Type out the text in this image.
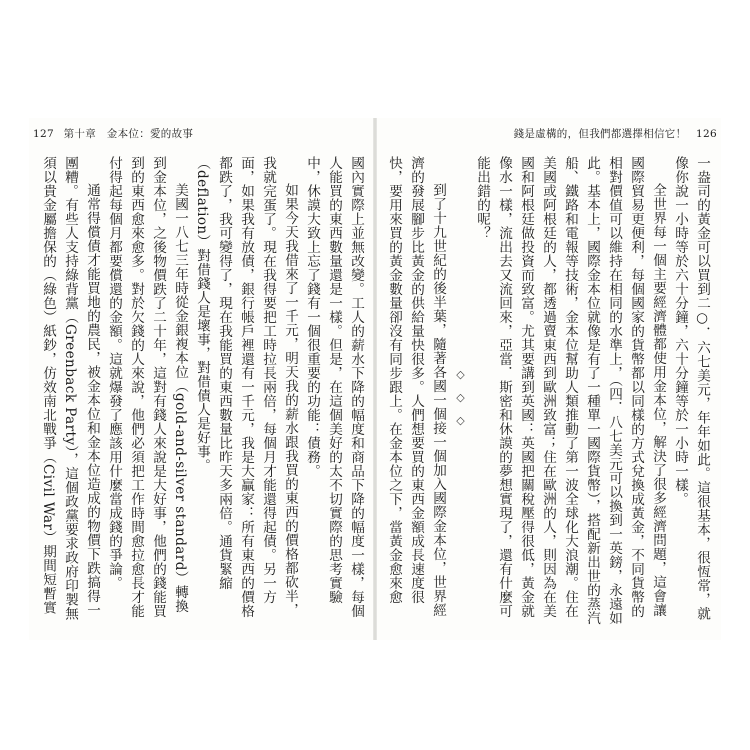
127 第十章　金本位：愛的故事

國內實際上並無改變。工人的薪水下降的幅度和商品下降的幅度一樣，每個人能買的東西數量還是一樣。但是，在這個美好的太不切實際的思考實驗中，休謨大致上忘了錢有一個很重要的功能：債務。

如果今天我借來了一千元，明天我的薪水跟我買的東西的價格都砍半，我就完蛋了。現在我得要把工時拉長兩倍，每個月才能還得起債。另一方面，如果我有放債，銀行帳戶裡還有一千元，我是大贏家：所有東西的價格都跌了，我可變得了，現在我能買的東西數量比昨天多兩倍。通貨緊縮（deflation）對借錢人是壞事，對借債人是好事。

美國一八七三年時從金銀複本位（gold-and-silver standard）轉換到金本位，之後物價跌了二十年，這對有錢人來說是大好事，他們的錢能買到的東西愈來愈多。對於欠錢的人來說，他們必須把工作時間愈拉愈長才能付得起每個月都要償還的金額。這就爆發了應該用什麼當成錢的爭論。

通常得償債才能買地的農民，被金本位和金本位造成的物價下跌搞得一團糟。有些人支持綠背黨（Greenback Party），這個政黨要求政府印製無須以貴金屬擔保的（綠色）紙鈔，仿效南北戰爭（Civil War）期間短暫實

錢是虛構的，但我們都選擇相信它！ 126

一盎司的黃金可以買到二○．六七美元，年年如此。這很基本，很恆常，就像你說一小時等於六十分鐘，六十分鐘等於一小時一樣。

全世界每一個主要經濟體都使用金本位，解決了很多經濟問題，這會讓國際貿易更便利，每個國家的貨幣都以同樣的方式兌換成黃金，不同貨幣的相對價值可以維持在相同的水準上，（四．八七美元可以換到一英鎊，永遠如此。基本上，國際金本位就像是有了一種單一國際貨幣），搭配新出世的蒸汽船、鐵路和電報等技術，金本位幫助人類推動了第一波全球化大浪潮。住在美國或阿根廷的人，都透過賣東西到歐洲致富；住在歐洲的人，則因為在美國和阿根廷做投資而致富。尤其要講到英國：英國把關稅壓得很低，黃金就像水一樣，流出去又流回來，亞當．斯密和休謨的夢想實現了，還有什麼可能出錯的呢？

◇◇◇

到了十九世紀的後半葉，隨著各國一個接一個加入國際金本位，世界經濟的發展腳步比黃金的供給量快很多。人們想要買的東西金額成長速度很快，要用來買的黃金數量卻沒有同步跟上。在金本位之下，當黃金愈來愈
